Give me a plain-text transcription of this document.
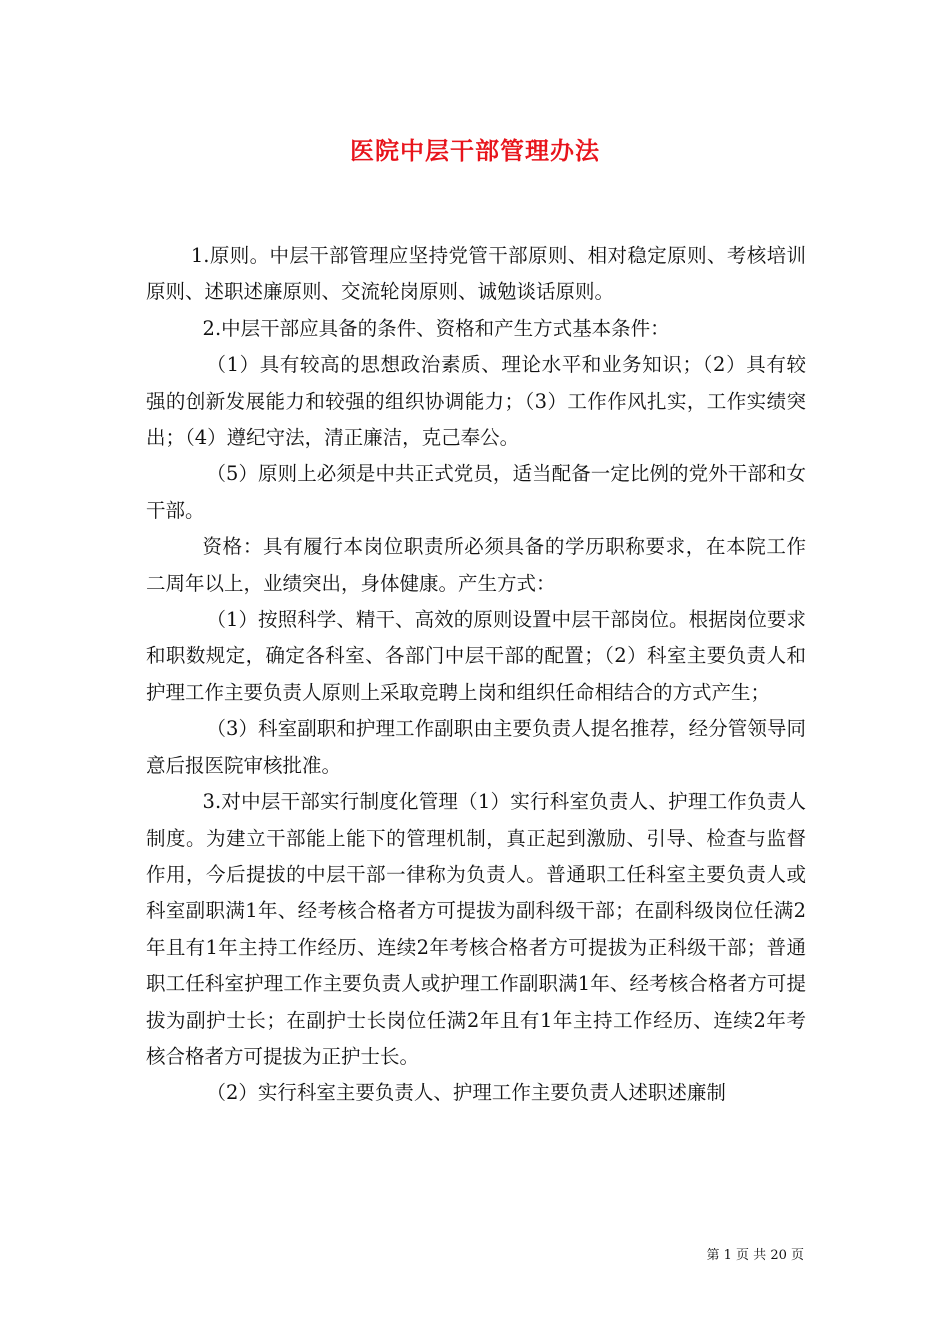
医院中层干部管理办法

1.原则。中层干部管理应坚持党管干部原则、相对稳定原则、考核培训原则、述职述廉原则、交流轮岗原则、诚勉谈话原则。

2.中层干部应具备的条件、资格和产生方式基本条件：

（1）具有较高的思想政治素质、理论水平和业务知识；（2）具有较强的创新发展能力和较强的组织协调能力；（3）工作作风扎实，工作实绩突出；（4）遵纪守法，清正廉洁，克己奉公。

（5）原则上必须是中共正式党员，适当配备一定比例的党外干部和女干部。

资格：具有履行本岗位职责所必须具备的学历职称要求，在本院工作二周年以上，业绩突出，身体健康。产生方式：

（1）按照科学、精干、高效的原则设置中层干部岗位。根据岗位要求和职数规定，确定各科室、各部门中层干部的配置；（2）科室主要负责人和护理工作主要负责人原则上采取竞聘上岗和组织任命相结合的方式产生；

（3）科室副职和护理工作副职由主要负责人提名推荐，经分管领导同意后报医院审核批准。

3.对中层干部实行制度化管理（1）实行科室负责人、护理工作负责人制度。为建立干部能上能下的管理机制，真正起到激励、引导、检查与监督作用，今后提拔的中层干部一律称为负责人。普通职工任科室主要负责人或科室副职满1年、经考核合格者方可提拔为副科级干部；在副科级岗位任满2年且有1年主持工作经历、连续2年考核合格者方可提拔为正科级干部；普通职工任科室护理工作主要负责人或护理工作副职满1年、经考核合格者方可提拔为副护士长；在副护士长岗位任满2年且有1年主持工作经历、连续2年考核合格者方可提拔为正护士长。

（2）实行科室主要负责人、护理工作主要负责人述职述廉制

第 1 页 共 20 页
